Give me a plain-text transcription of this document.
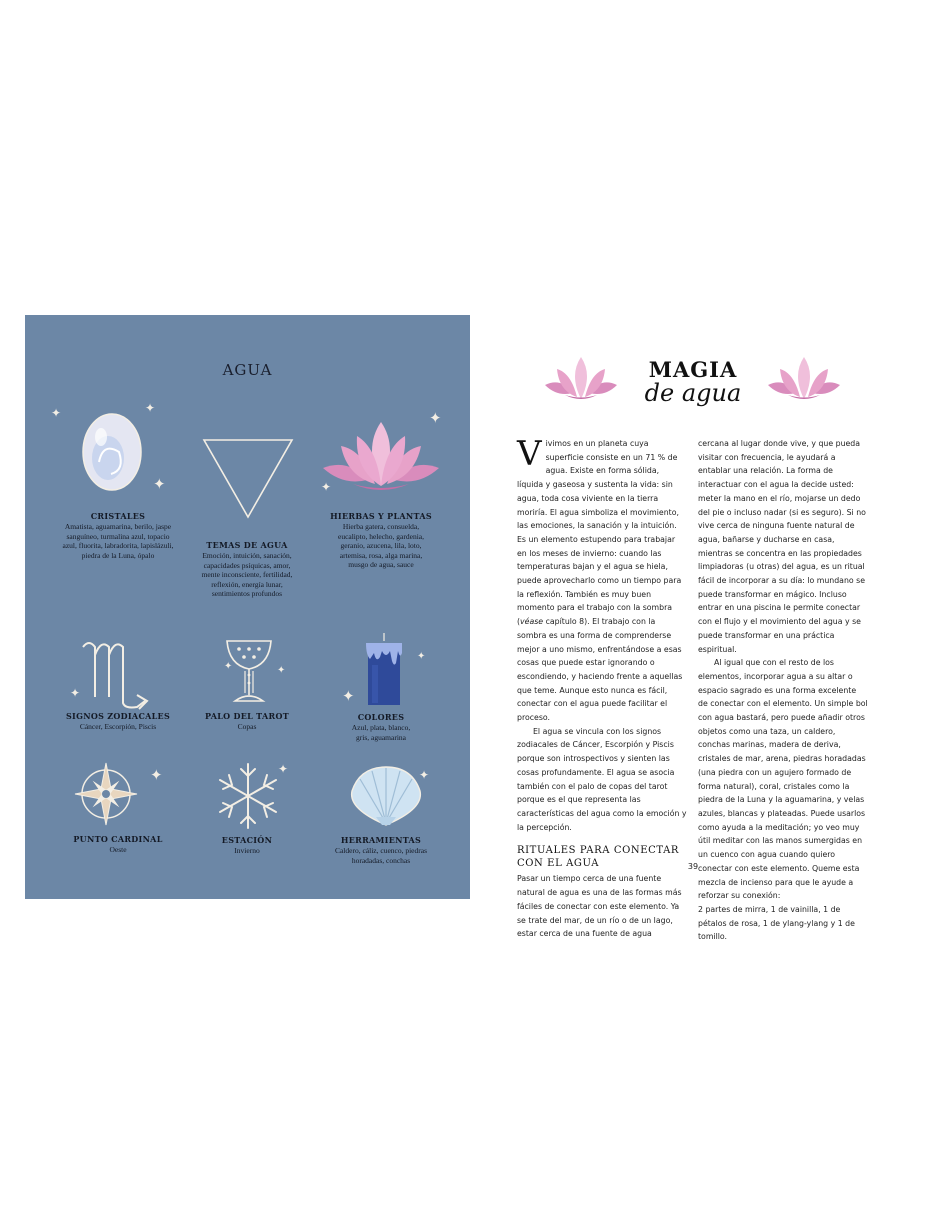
AGUA
✦	✦
✦	✦
✦
✦
✦	✦
✦
✦
✦	✦	✦
CRISTALES
Amatista, aguamarina, berilo, jaspe sanguíneo, turmalina azul, topacio azul, fluorita, labradorita, lapislázuli, piedra de la Luna, ópalo
TEMAS DE AGUA
Emoción, intuición, sanación, capacidades psíquicas, amor, mente inconsciente, fertilidad, reflexión, energía lunar, sentimientos profundos
HIERBAS Y PLANTAS
Hierba gatera, consuelda, eucalipto, helecho, gardenia, geranio, azucena, lila, loto, artemisa, rosa, alga marina, musgo de agua, sauce
SIGNOS ZODIACALES
Cáncer, Escorpión, Piscis
PALO DEL TAROT
Copas
COLORES
Azul, plata, blanco, gris, aguamarina
PUNTO CARDINAL
Oeste
ESTACIÓN
Invierno
HERRAMIENTAS
Caldero, cáliz, cuenco, piedras horadadas, conchas
MAGIA
de agua

Vivimos en un planeta cuya superficie consiste en un 71 % de agua. Existe en forma sólida, líquida y gaseosa y sustenta la vida: sin agua, toda cosa viviente en la tierra moriría. El agua simboliza el movimiento, las emociones, la sanación y la intuición. Es un elemento estupendo para trabajar en los meses de invierno: cuando las temperaturas bajan y el agua se hiela, puede aprovecharlo como un tiempo para la reflexión. También es muy buen momento para el trabajo con la sombra (véase capítulo 8). El trabajo con la sombra es una forma de comprenderse mejor a uno mismo, enfrentándose a esas cosas que puede estar ignorando o escondiendo, y haciendo frente a aquellas que teme. Aunque esto nunca es fácil, conectar con el agua puede facilitar el proceso.

El agua se vincula con los signos zodiacales de Cáncer, Escorpión y Piscis porque son introspectivos y sienten las cosas profundamente. El agua se asocia también con el palo de copas del tarot porque es el que representa las características del agua como la emoción y la percepción.

RITUALES PARA CONECTAR CON EL AGUA

Pasar un tiempo cerca de una fuente natural de agua es una de las formas más fáciles de conectar con este elemento. Ya se trate del mar, de un río o de un lago, estar cerca de una fuente de agua

cercana al lugar donde vive, y que pueda visitar con frecuencia, le ayudará a entablar una relación. La forma de interactuar con el agua la decide usted: meter la mano en el río, mojarse un dedo del pie o incluso nadar (si es seguro). Si no vive cerca de ninguna fuente natural de agua, bañarse y ducharse en casa, mientras se concentra en las propiedades limpiadoras (u otras) del agua, es un ritual fácil de incorporar a su día: lo mundano se puede transformar en mágico. Incluso entrar en una piscina le permite conectar con el flujo y el movimiento del agua y se puede transformar en una práctica espiritual.

Al igual que con el resto de los elementos, incorporar agua a su altar o espacio sagrado es una forma excelente de conectar con el elemento. Un simple bol con agua bastará, pero puede añadir otros objetos como una taza, un caldero, conchas marinas, madera de deriva, cristales de mar, arena, piedras horadadas (una piedra con un agujero formado de forma natural), coral, cristales como la piedra de la Luna y la aguamarina, y velas azules, blancas y plateadas. Puede usarlos como ayuda a la meditación; yo veo muy útil meditar con las manos sumergidas en un cuenco con agua cuando quiero conectar con este elemento. Queme esta mezcla de incienso para que le ayude a reforzar su conexión:

2 partes de mirra, 1 de vainilla, 1 de pétalos de rosa, 1 de ylang-ylang y 1 de tomillo.

39
